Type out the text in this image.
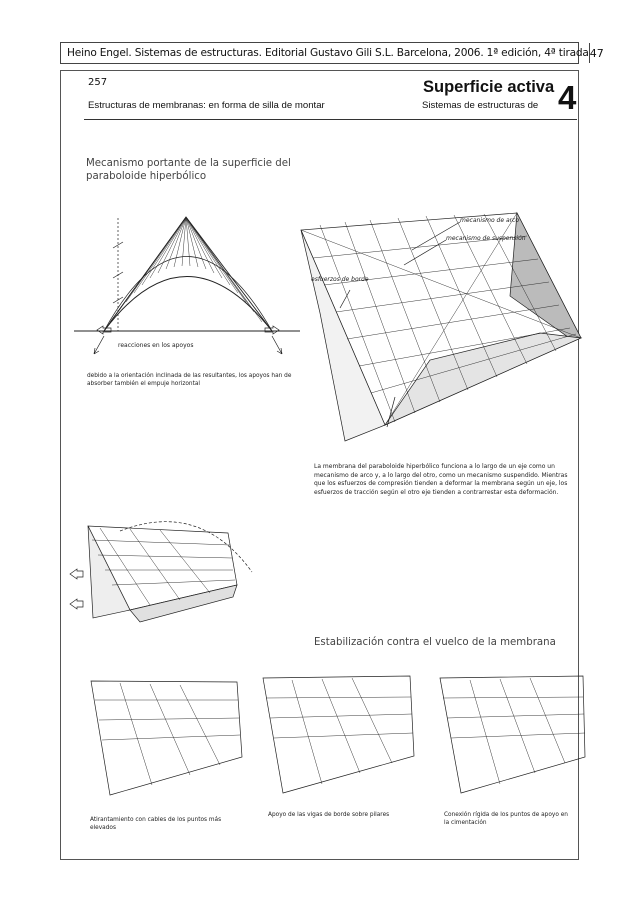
Heino Engel. Sistemas de estructuras. Editorial Gustavo Gili S.L. Barcelona, 2006. 1ª edición, 4ª tirada 47
257
Estructuras de membranas: en forma de silla de montar
Superficie activa
Sistemas de estructuras de 4
Mecanismo portante de la superficie del paraboloide hiperbólico
reacciones en los apoyos
debido a la orientación inclinada de las resultantes, los apoyos han de absorber también el empuje horizontal
mecanismo de arco
mecanismo de suspensión
esfuerzos de borde
La membrana del paraboloide hiperbólico funciona a lo largo de un eje como un mecanismo de arco y, a lo largo del otro, como un mecanismo suspendido. Mientras que los esfuerzos de compresión tienden a deformar la membrana según un eje, los esfuerzos de tracción según el otro eje tienden a contrarrestar esta deformación.
Estabilización contra el vuelco de la membrana
Atirantamiento con cables de los puntos más elevados
Apoyo de las vigas de borde sobre pilares	Conexión rígida de los puntos de apoyo en la cimentación
